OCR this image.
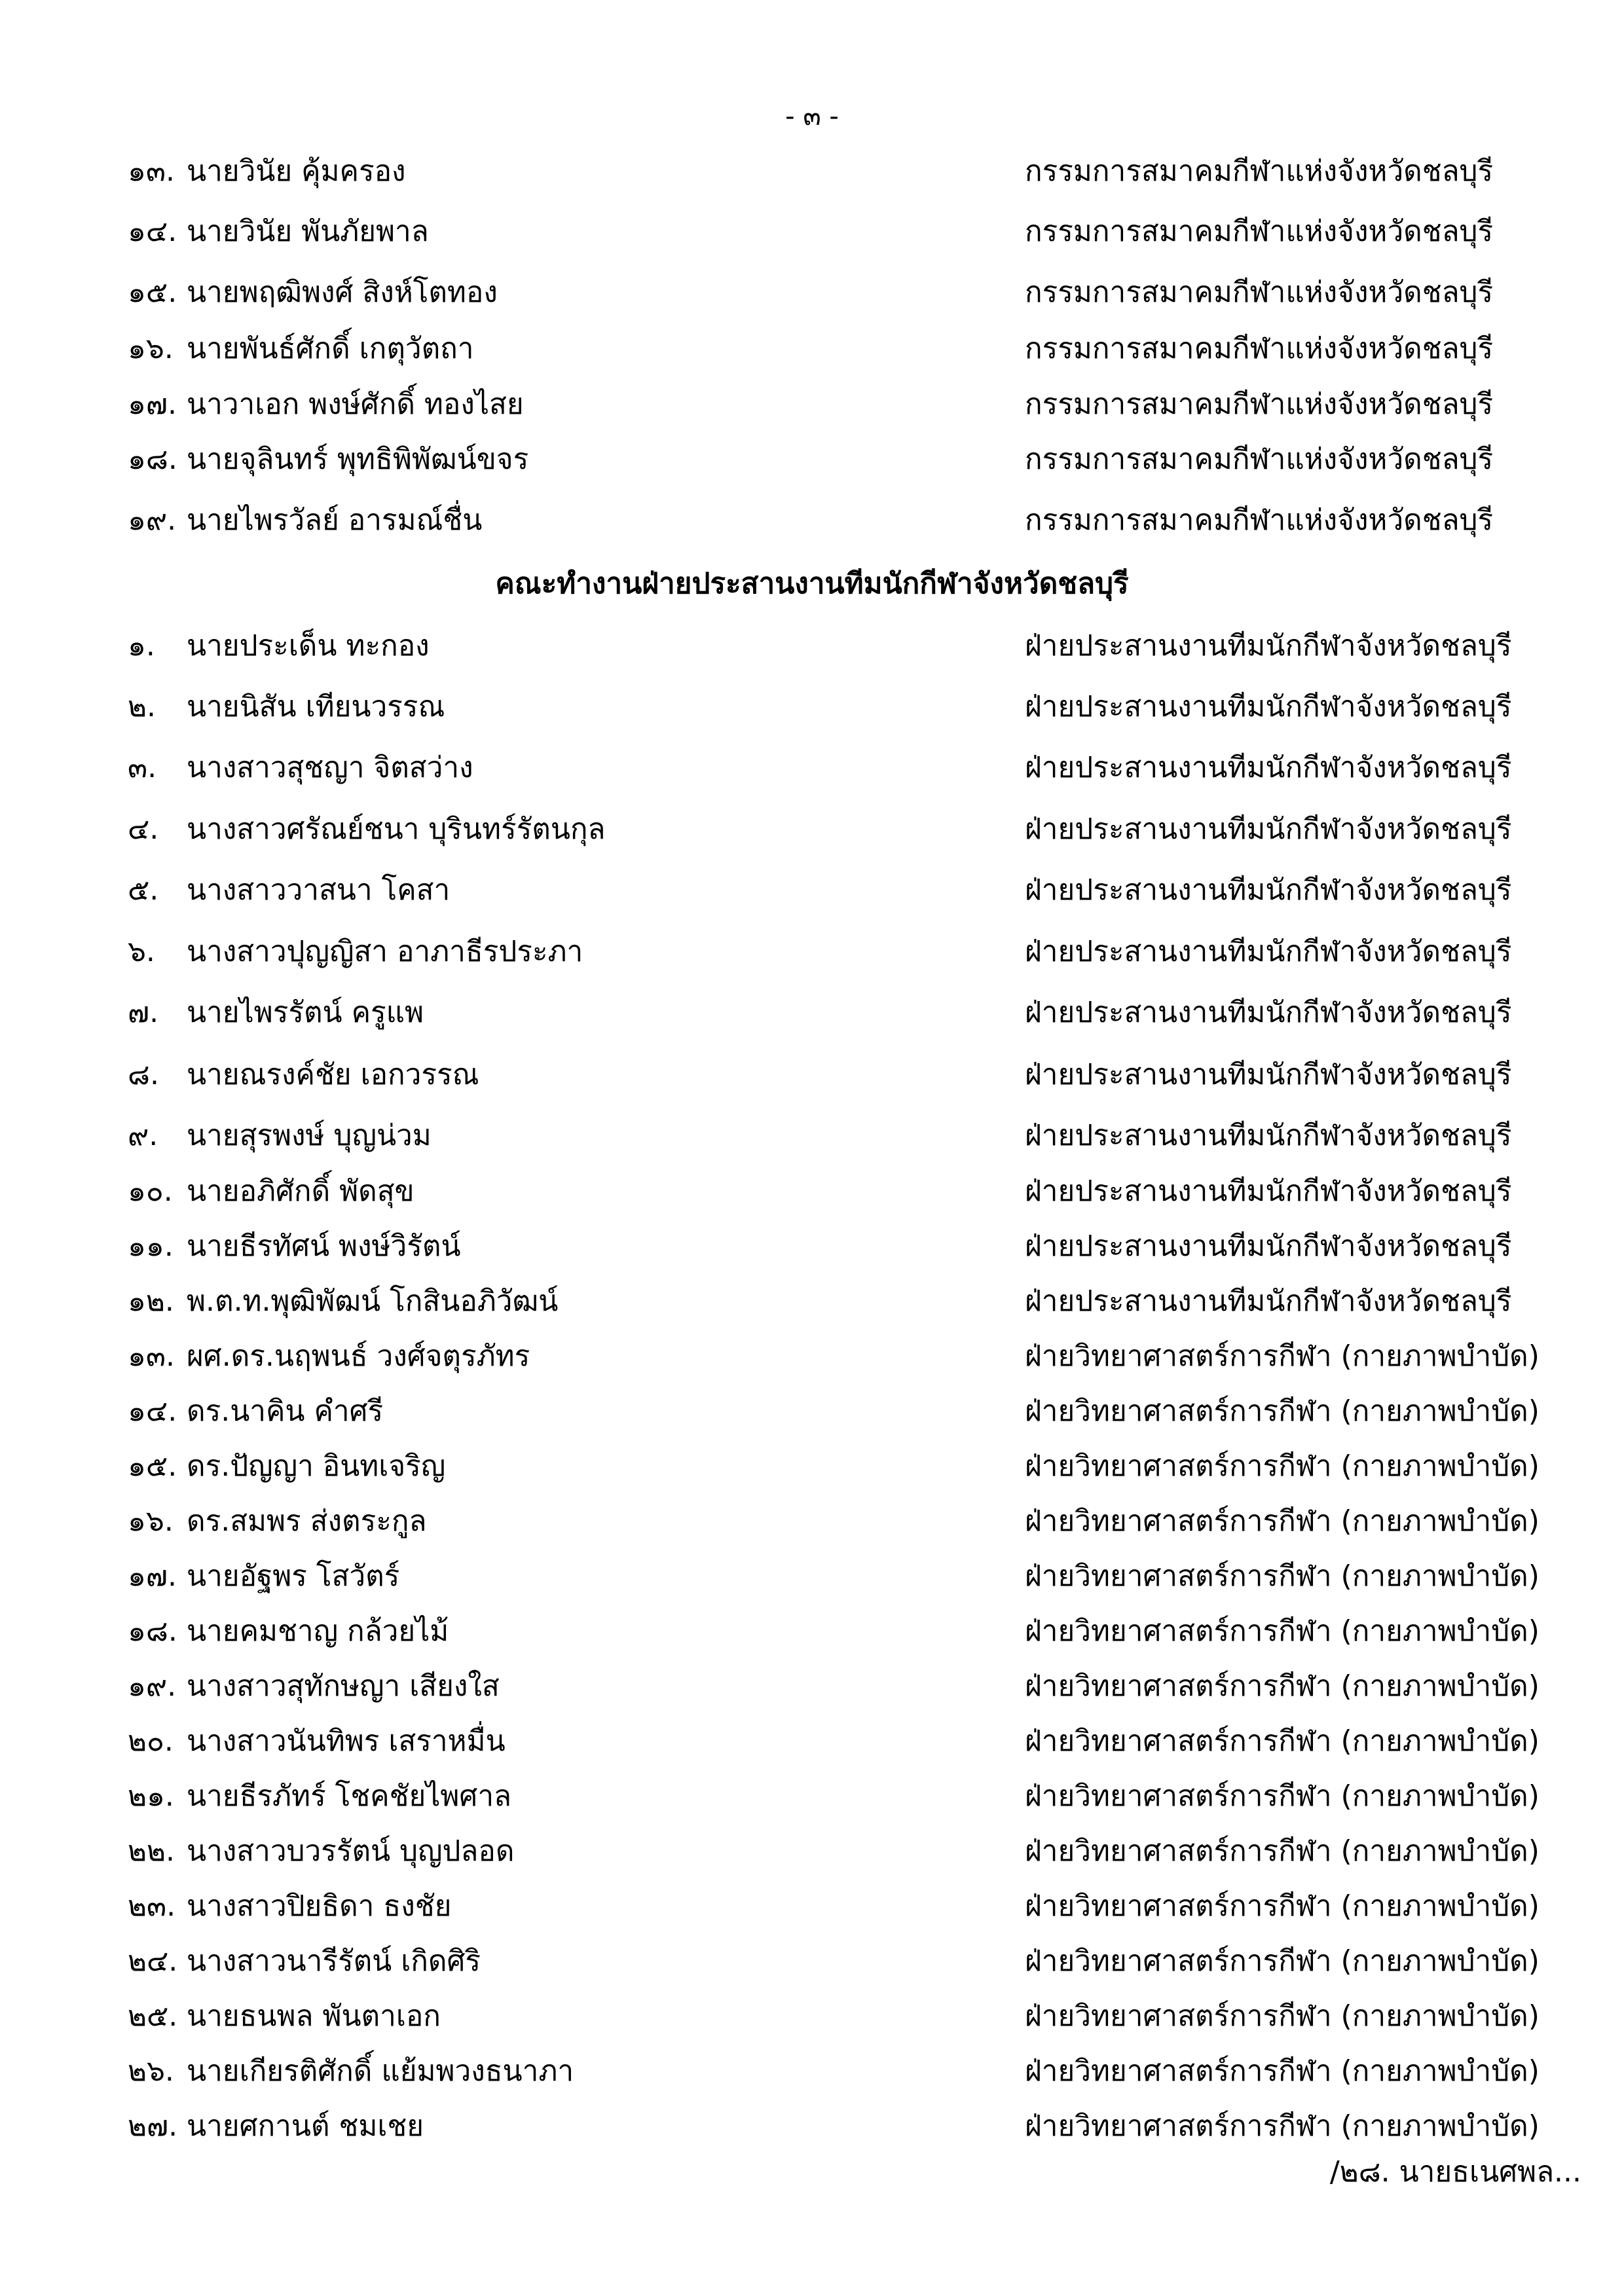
- ๓ -
๑๓. นายวินัย คุ้มครอง	กรรมการสมาคมกีฬาแห่งจังหวัดชลบุรี
๑๔. นายวินัย พันภัยพาล	กรรมการสมาคมกีฬาแห่งจังหวัดชลบุรี
๑๕. นายพฤฒิพงศ์ สิงห์โตทอง	กรรมการสมาคมกีฬาแห่งจังหวัดชลบุรี
๑๖. นายพันธ์ศักดิ์ เกตุวัตถา	กรรมการสมาคมกีฬาแห่งจังหวัดชลบุรี
๑๗. นาวาเอก พงษ์ศักดิ์ ทองไสย	กรรมการสมาคมกีฬาแห่งจังหวัดชลบุรี
๑๘. นายจุลินทร์ พุทธิพิพัฒน์ขจร	กรรมการสมาคมกีฬาแห่งจังหวัดชลบุรี
๑๙. นายไพรวัลย์ อารมณ์ชื่น	กรรมการสมาคมกีฬาแห่งจังหวัดชลบุรี
คณะทำงานฝ่ายประสานงานทีมนักกีฬาจังหวัดชลบุรี
๑. นายประเด็น ทะกอง	ฝ่ายประสานงานทีมนักกีฬาจังหวัดชลบุรี
๒. นายนิสัน เทียนวรรณ	ฝ่ายประสานงานทีมนักกีฬาจังหวัดชลบุรี
๓. นางสาวสุชญา จิตสว่าง	ฝ่ายประสานงานทีมนักกีฬาจังหวัดชลบุรี
๔. นางสาวศรัณย์ชนา บุรินทร์รัตนกุล	ฝ่ายประสานงานทีมนักกีฬาจังหวัดชลบุรี
๕. นางสาววาสนา โคสา	ฝ่ายประสานงานทีมนักกีฬาจังหวัดชลบุรี
๖. นางสาวปุญญิสา อาภาธีรประภา	ฝ่ายประสานงานทีมนักกีฬาจังหวัดชลบุรี
๗. นายไพรรัตน์ ครูแพ	ฝ่ายประสานงานทีมนักกีฬาจังหวัดชลบุรี
๘. นายณรงค์ชัย เอกวรรณ	ฝ่ายประสานงานทีมนักกีฬาจังหวัดชลบุรี
๙. นายสุรพงษ์ บุญน่วม	ฝ่ายประสานงานทีมนักกีฬาจังหวัดชลบุรี
๑๐. นายอภิศักดิ์ พัดสุข	ฝ่ายประสานงานทีมนักกีฬาจังหวัดชลบุรี
๑๑. นายธีรทัศน์ พงษ์วิรัตน์	ฝ่ายประสานงานทีมนักกีฬาจังหวัดชลบุรี
๑๒. พ.ต.ท.พุฒิพัฒน์ โกสินอภิวัฒน์	ฝ่ายประสานงานทีมนักกีฬาจังหวัดชลบุรี
๑๓. ผศ.ดร.นฤพนธ์ วงศ์จตุรภัทร	ฝ่ายวิทยาศาสตร์การกีฬา (กายภาพบำบัด)
๑๔. ดร.นาคิน คำศรี	ฝ่ายวิทยาศาสตร์การกีฬา (กายภาพบำบัด)
๑๕. ดร.ปัญญา อินทเจริญ	ฝ่ายวิทยาศาสตร์การกีฬา (กายภาพบำบัด)
๑๖. ดร.สมพร ส่งตระกูล	ฝ่ายวิทยาศาสตร์การกีฬา (กายภาพบำบัด)
๑๗. นายอัฐพร โสวัตร์	ฝ่ายวิทยาศาสตร์การกีฬา (กายภาพบำบัด)
๑๘. นายคมชาญ กล้วยไม้	ฝ่ายวิทยาศาสตร์การกีฬา (กายภาพบำบัด)
๑๙. นางสาวสุทักษญา เสียงใส	ฝ่ายวิทยาศาสตร์การกีฬา (กายภาพบำบัด)
๒๐. นางสาวนันทิพร เสราหมื่น	ฝ่ายวิทยาศาสตร์การกีฬา (กายภาพบำบัด)
๒๑. นายธีรภัทร์ โชคชัยไพศาล	ฝ่ายวิทยาศาสตร์การกีฬา (กายภาพบำบัด)
๒๒. นางสาวบวรรัตน์ บุญปลอด	ฝ่ายวิทยาศาสตร์การกีฬา (กายภาพบำบัด)
๒๓. นางสาวปิยธิดา ธงชัย	ฝ่ายวิทยาศาสตร์การกีฬา (กายภาพบำบัด)
๒๔. นางสาวนารีรัตน์ เกิดศิริ	ฝ่ายวิทยาศาสตร์การกีฬา (กายภาพบำบัด)
๒๕. นายธนพล พันตาเอก	ฝ่ายวิทยาศาสตร์การกีฬา (กายภาพบำบัด)
๒๖. นายเกียรติศักดิ์ แย้มพวงธนาภา	ฝ่ายวิทยาศาสตร์การกีฬา (กายภาพบำบัด)
๒๗. นายศกานต์ ชมเชย	ฝ่ายวิทยาศาสตร์การกีฬา (กายภาพบำบัด)
/๒๘. นายธเนศพล...
